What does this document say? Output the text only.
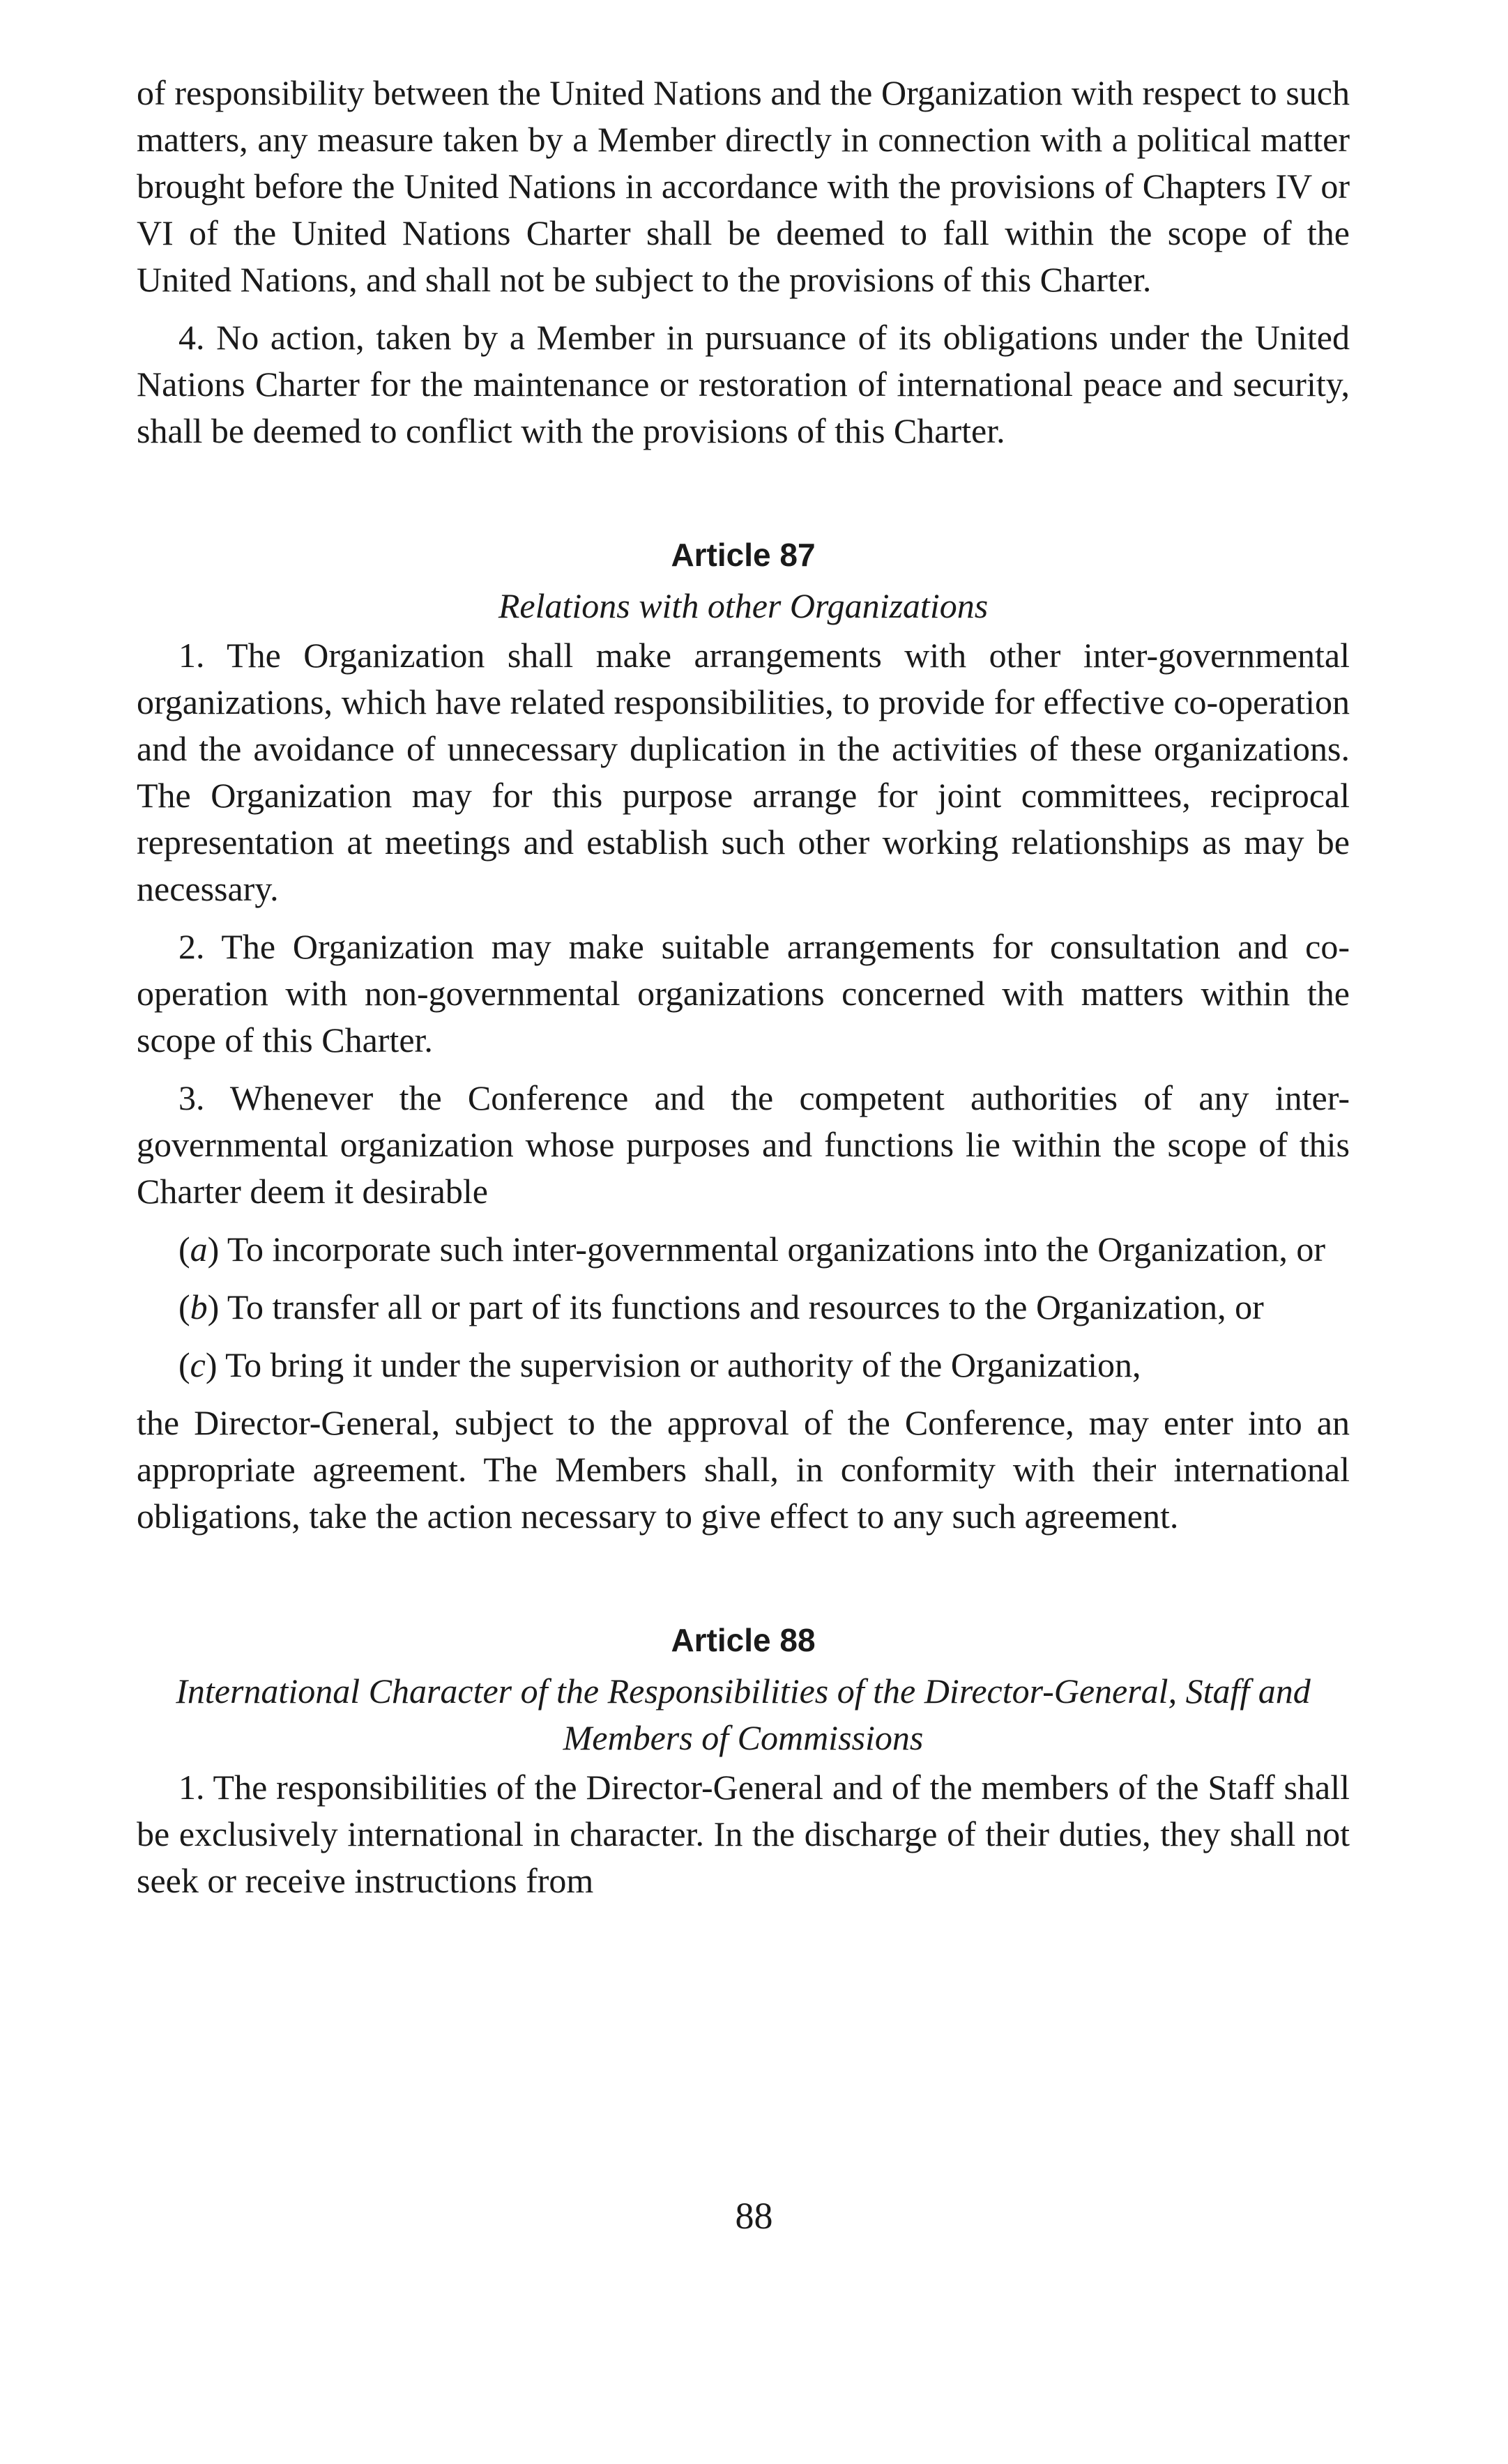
of responsibility between the United Nations and the Organization with respect to such matters, any measure taken by a Member directly in connection with a political matter brought before the United Nations in accordance with the provisions of Chapters IV or VI of the United Nations Charter shall be deemed to fall within the scope of the United Nations, and shall not be subject to the provisions of this Charter.

4. No action, taken by a Member in pursuance of its obligations under the United Nations Charter for the maintenance or restoration of international peace and security, shall be deemed to conflict with the provisions of this Charter.

Article 87
Relations with other Organizations

1. The Organization shall make arrangements with other inter-governmental organizations, which have related responsibilities, to provide for effective co-operation and the avoidance of unnecessary duplication in the activities of these organizations. The Organization may for this purpose arrange for joint committees, reciprocal representation at meetings and establish such other working relationships as may be necessary.

2. The Organization may make suitable arrangements for consultation and co-operation with non-governmental organizations concerned with matters within the scope of this Charter.

3. Whenever the Conference and the competent authorities of any inter-governmental organization whose purposes and functions lie within the scope of this Charter deem it desirable

(a) To incorporate such inter-governmental organizations into the Organization, or

(b) To transfer all or part of its functions and resources to the Organization, or

(c) To bring it under the supervision or authority of the Organization,

the Director-General, subject to the approval of the Conference, may enter into an appropriate agreement. The Members shall, in conformity with their international obligations, take the action necessary to give effect to any such agreement.

Article 88
International Character of the Responsibilities of the Director-General, Staff and Members of Commissions

1. The responsibilities of the Director-General and of the members of the Staff shall be exclusively international in character. In the discharge of their duties, they shall not seek or receive instructions from

88
